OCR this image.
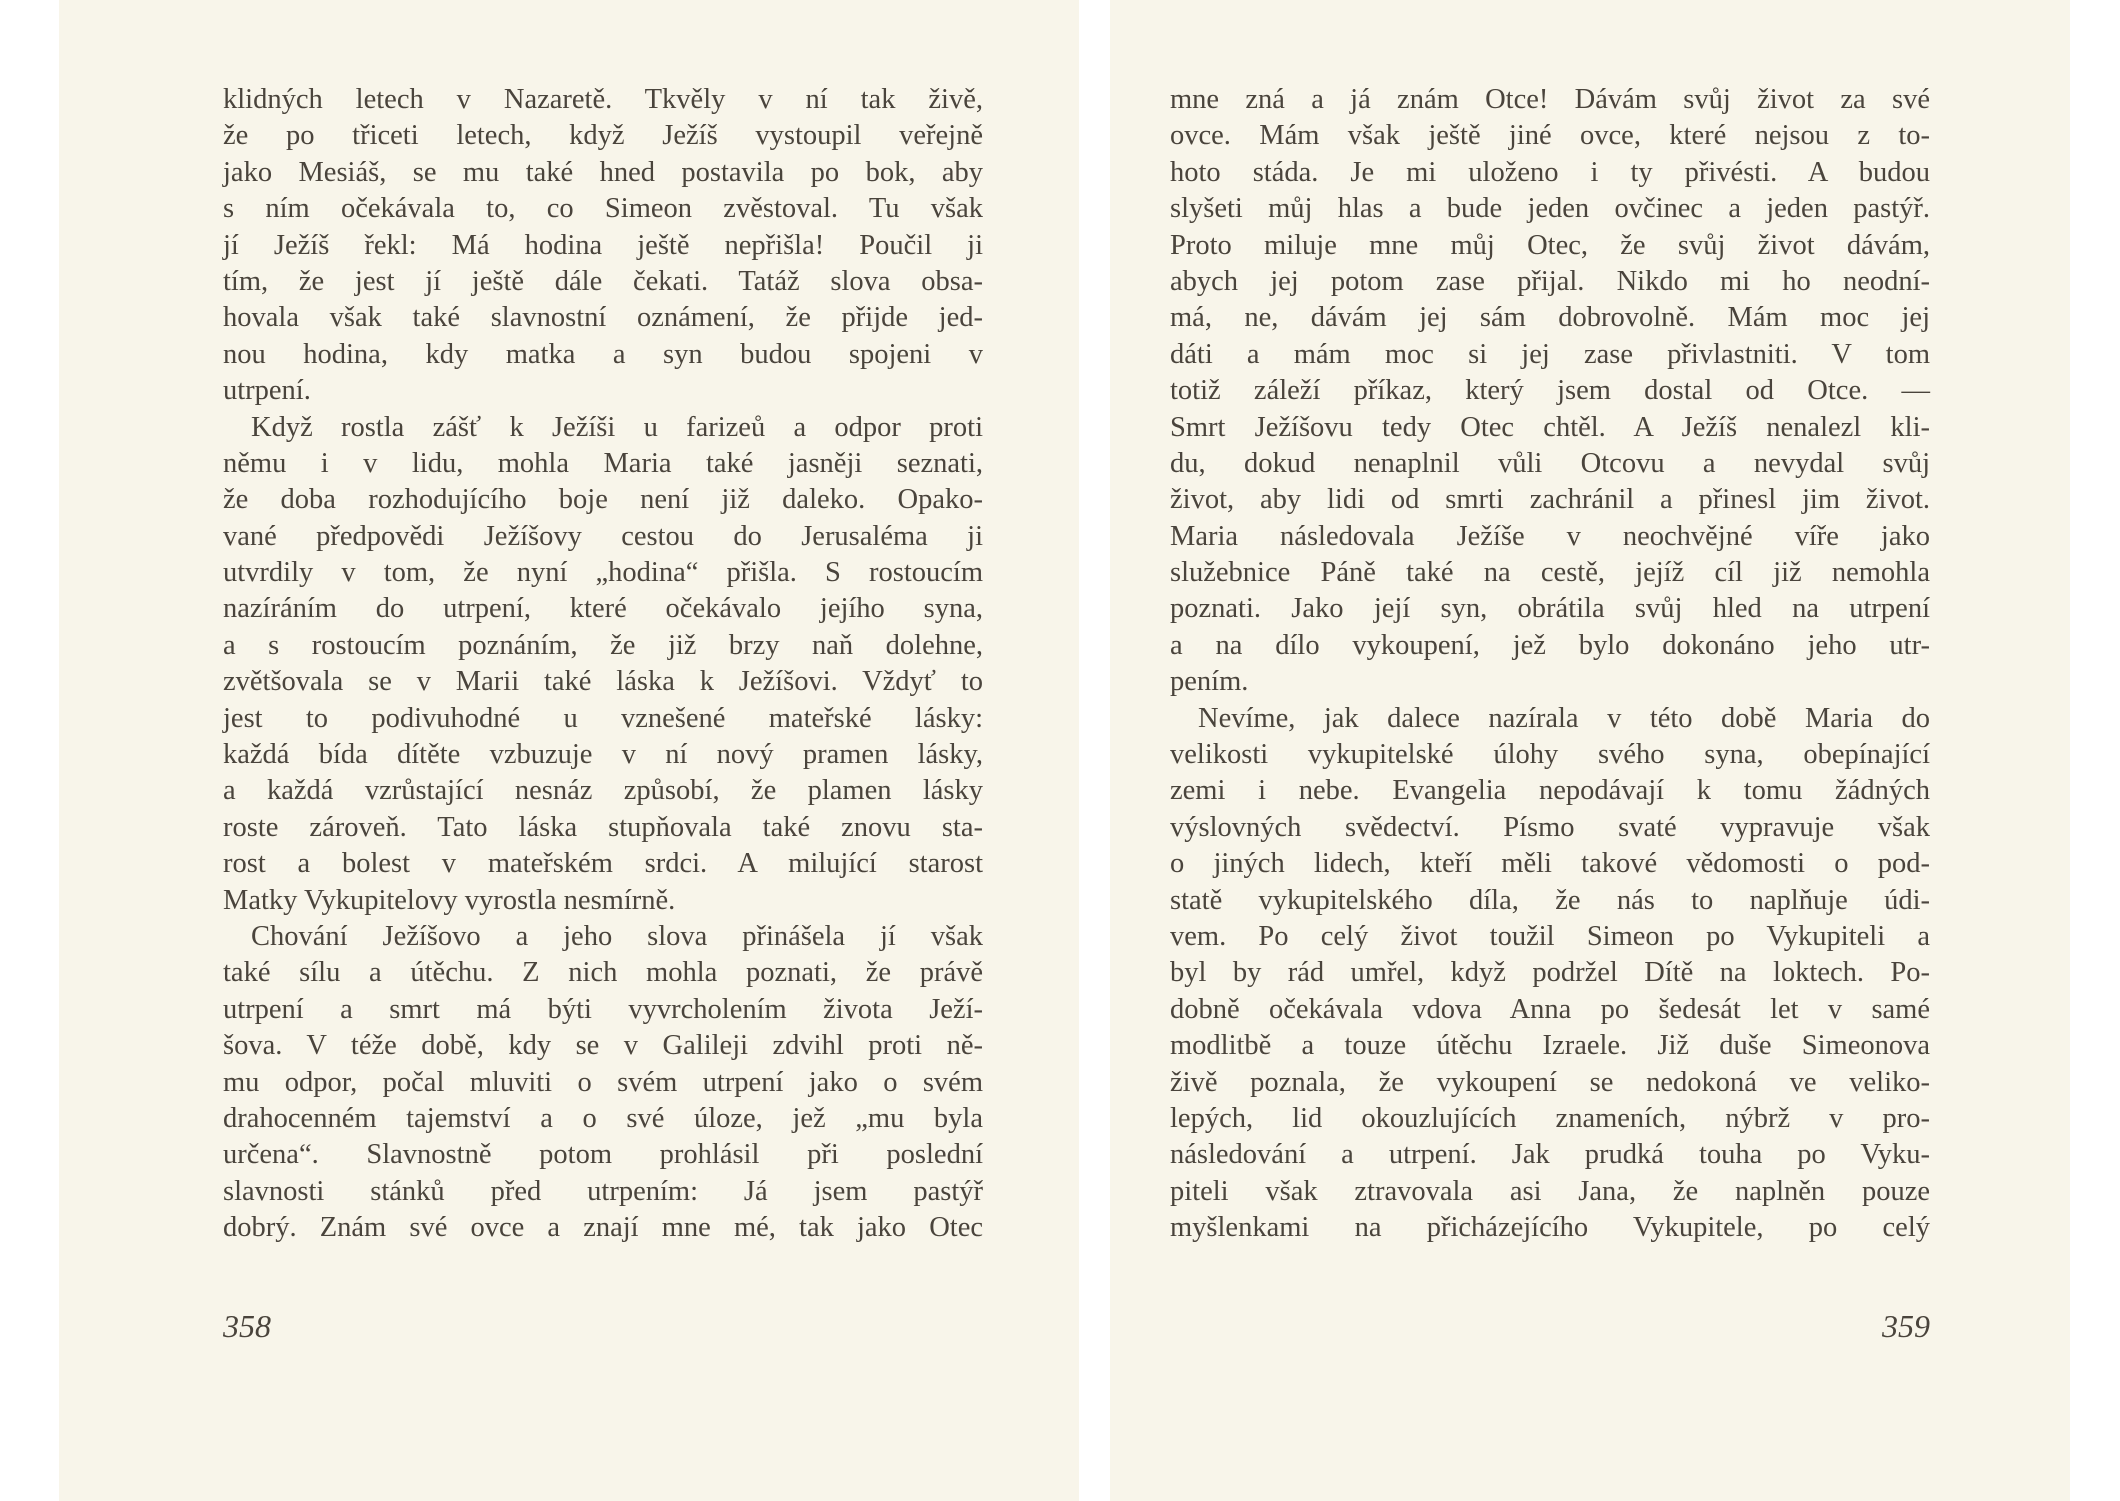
klidných letech v Nazaretě. Tkvěly v ní tak živě,
že po třiceti letech, když Ježíš vystoupil veřejně
jako Mesiáš, se mu také hned postavila po bok, aby
s ním očekávala to, co Simeon zvěstoval. Tu však
jí Ježíš řekl: Má hodina ještě nepřišla! Poučil ji
tím, že jest jí ještě dále čekati. Tatáž slova obsa-
hovala však také slavnostní oznámení, že přijde jed-
nou hodina, kdy matka a syn budou spojeni v
utrpení.
Když rostla zášť k Ježíši u farizeů a odpor proti
němu i v lidu, mohla Maria také jasněji seznati,
že doba rozhodujícího boje není již daleko. Opako-
vané předpovědi Ježíšovy cestou do Jerusaléma ji
utvrdily v tom, že nyní „hodina“ přišla. S rostoucím
nazíráním do utrpení, které očekávalo jejího syna,
a s rostoucím poznáním, že již brzy naň dolehne,
zvětšovala se v Marii také láska k Ježíšovi. Vždyť to
jest to podivuhodné u vznešené mateřské lásky:
každá bída dítěte vzbuzuje v ní nový pramen lásky,
a každá vzrůstající nesnáz způsobí, že plamen lásky
roste zároveň. Tato láska stupňovala také znovu sta-
rost a bolest v mateřském srdci. A milující starost
Matky Vykupitelovy vyrostla nesmírně.
Chování Ježíšovo a jeho slova přinášela jí však
také sílu a útěchu. Z nich mohla poznati, že právě
utrpení a smrt má býti vyvrcholením života Ježí-
šova. V téže době, kdy se v Galileji zdvihl proti ně-
mu odpor, počal mluviti o svém utrpení jako o svém
drahocenném tajemství a o své úloze, jež „mu byla
určena“. Slavnostně potom prohlásil při poslední
slavnosti stánků před utrpením: Já jsem pastýř
dobrý. Znám své ovce a znají mne mé, tak jako Otec
358
mne zná a já znám Otce! Dávám svůj život za své
ovce. Mám však ještě jiné ovce, které nejsou z to-
hoto stáda. Je mi uloženo i ty přivésti. A budou
slyšeti můj hlas a bude jeden ovčinec a jeden pastýř.
Proto miluje mne můj Otec, že svůj život dávám,
abych jej potom zase přijal. Nikdo mi ho neodní-
má, ne, dávám jej sám dobrovolně. Mám moc jej
dáti a mám moc si jej zase přivlastniti. V tom
totiž záleží příkaz, který jsem dostal od Otce. —
Smrt Ježíšovu tedy Otec chtěl. A Ježíš nenalezl kli-
du, dokud nenaplnil vůli Otcovu a nevydal svůj
život, aby lidi od smrti zachránil a přinesl jim život.
Maria následovala Ježíše v neochvějné víře jako
služebnice Páně také na cestě, jejíž cíl již nemohla
poznati. Jako její syn, obrátila svůj hled na utrpení
a na dílo vykoupení, jež bylo dokonáno jeho utr-
pením.
Nevíme, jak dalece nazírala v této době Maria do
velikosti vykupitelské úlohy svého syna, obepínající
zemi i nebe. Evangelia nepodávají k tomu žádných
výslovných svědectví. Písmo svaté vypravuje však
o jiných lidech, kteří měli takové vědomosti o pod-
statě vykupitelského díla, že nás to naplňuje údi-
vem. Po celý život toužil Simeon po Vykupiteli a
byl by rád umřel, když podržel Dítě na loktech. Po-
dobně očekávala vdova Anna po šedesát let v samé
modlitbě a touze útěchu Izraele. Již duše Simeonova
živě poznala, že vykoupení se nedokoná ve veliko-
lepých, lid okouzlujících znameních, nýbrž v pro-
následování a utrpení. Jak prudká touha po Vyku-
piteli však ztravovala asi Jana, že naplněn pouze
myšlenkami na přicházejícího Vykupitele, po celý
359
